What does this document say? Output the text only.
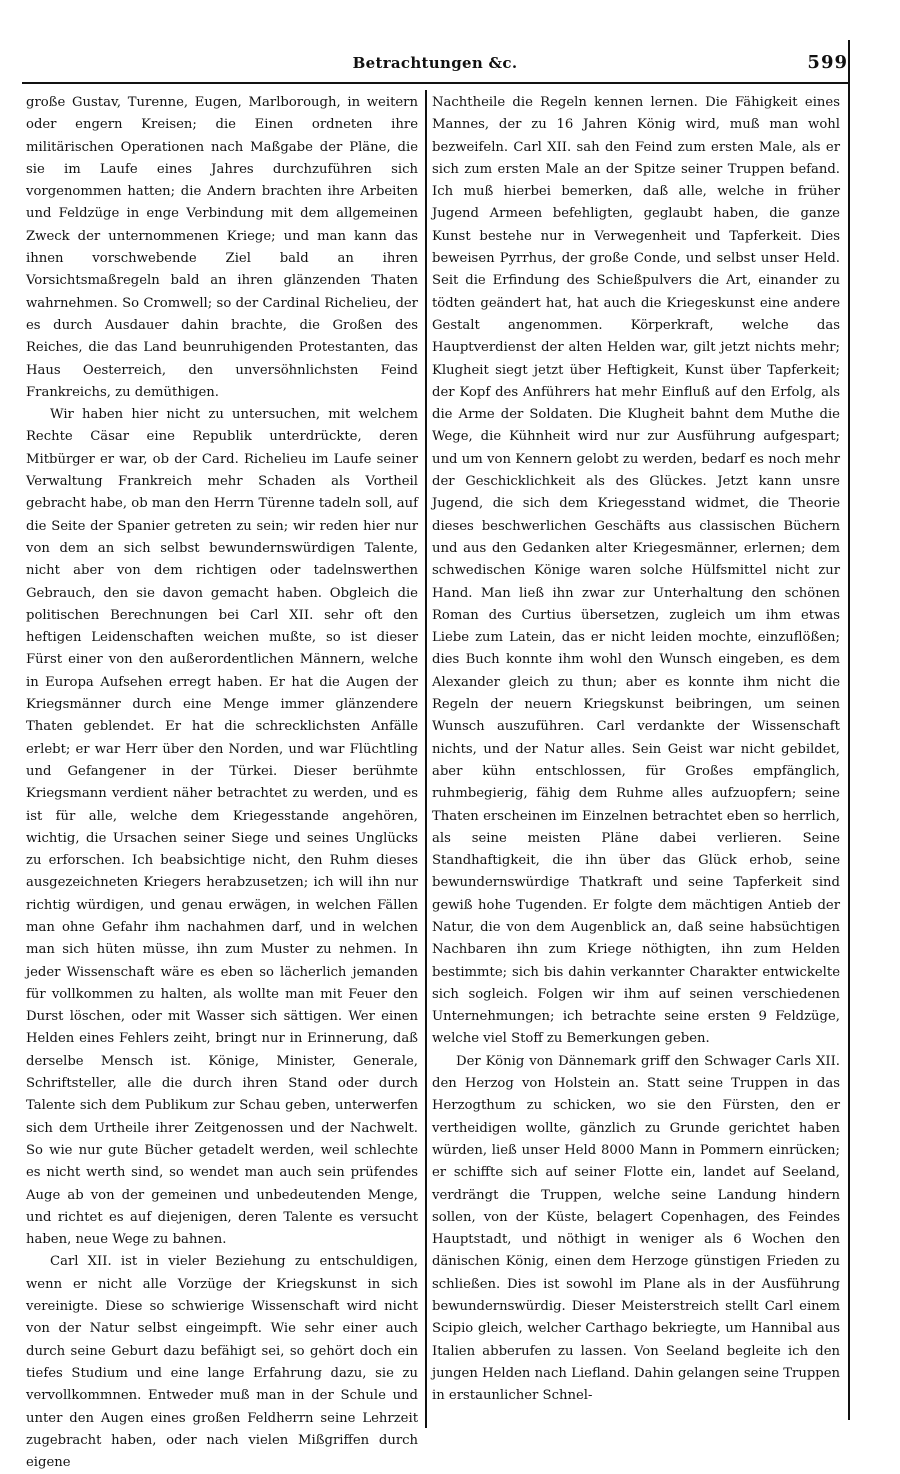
Betrachtungen &c.	599

große Gustav, Turenne, Eugen, Marlborough, in weitern oder engern Kreisen; die Einen ordneten ihre militärischen Operationen nach Maßgabe der Pläne, die sie im Laufe eines Jahres durchzuführen sich vorgenommen hatten; die Andern brachten ihre Arbeiten und Feldzüge in enge Verbindung mit dem allgemeinen Zweck der unternommenen Kriege; und man kann das ihnen vorschwebende Ziel bald an ihren Vorsichtsmaßregeln bald an ihren glänzenden Thaten wahrnehmen. So Cromwell; so der Cardinal Richelieu, der es durch Ausdauer dahin brachte, die Großen des Reiches, die das Land beunruhigenden Protestanten, das Haus Oesterreich, den unversöhnlichsten Feind Frankreichs, zu demüthigen.

Wir haben hier nicht zu untersuchen, mit welchem Rechte Cäsar eine Republik unterdrückte, deren Mitbürger er war, ob der Card. Richelieu im Laufe seiner Verwaltung Frankreich mehr Schaden als Vortheil gebracht habe, ob man den Herrn Türenne tadeln soll, auf die Seite der Spanier getreten zu sein; wir reden hier nur von dem an sich selbst bewundernswürdigen Talente, nicht aber von dem richtigen oder tadelnswerthen Gebrauch, den sie davon gemacht haben. Obgleich die politischen Berechnungen bei Carl XII. sehr oft den heftigen Leidenschaften weichen mußte, so ist dieser Fürst einer von den außerordentlichen Männern, welche in Europa Aufsehen erregt haben. Er hat die Augen der Kriegsmänner durch eine Menge immer glänzendere Thaten geblendet. Er hat die schrecklichsten Anfälle erlebt; er war Herr über den Norden, und war Flüchtling und Gefangener in der Türkei. Dieser berühmte Kriegsmann verdient näher betrachtet zu werden, und es ist für alle, welche dem Kriegesstande angehören, wichtig, die Ursachen seiner Siege und seines Unglücks zu erforschen. Ich beabsichtige nicht, den Ruhm dieses ausgezeichneten Kriegers herabzusetzen; ich will ihn nur richtig würdigen, und genau erwägen, in welchen Fällen man ohne Gefahr ihm nachahmen darf, und in welchen man sich hüten müsse, ihn zum Muster zu nehmen. In jeder Wissenschaft wäre es eben so lächerlich jemanden für vollkommen zu halten, als wollte man mit Feuer den Durst löschen, oder mit Wasser sich sättigen. Wer einen Helden eines Fehlers zeiht, bringt nur in Erinnerung, daß derselbe Mensch ist. Könige, Minister, Generale, Schriftsteller, alle die durch ihren Stand oder durch Talente sich dem Publikum zur Schau geben, unterwerfen sich dem Urtheile ihrer Zeitgenossen und der Nachwelt. So wie nur gute Bücher getadelt werden, weil schlechte es nicht werth sind, so wendet man auch sein prüfendes Auge ab von der gemeinen und unbedeutenden Menge, und richtet es auf diejenigen, deren Talente es versucht haben, neue Wege zu bahnen.

Carl XII. ist in vieler Beziehung zu entschuldigen, wenn er nicht alle Vorzüge der Kriegskunst in sich vereinigte. Diese so schwierige Wissenschaft wird nicht von der Natur selbst eingeimpft. Wie sehr einer auch durch seine Geburt dazu befähigt sei, so gehört doch ein tiefes Studium und eine lange Erfahrung dazu, sie zu vervollkommnen. Entweder muß man in der Schule und unter den Augen eines großen Feldherrn seine Lehrzeit zugebracht haben, oder nach vielen Mißgriffen durch eigene

Nachtheile die Regeln kennen lernen. Die Fähigkeit eines Mannes, der zu 16 Jahren König wird, muß man wohl bezweifeln. Carl XII. sah den Feind zum ersten Male, als er sich zum ersten Male an der Spitze seiner Truppen befand. Ich muß hierbei bemerken, daß alle, welche in früher Jugend Armeen befehligten, geglaubt haben, die ganze Kunst bestehe nur in Verwegenheit und Tapferkeit. Dies beweisen Pyrrhus, der große Conde, und selbst unser Held. Seit die Erfindung des Schießpulvers die Art, einander zu tödten geändert hat, hat auch die Kriegeskunst eine andere Gestalt angenommen. Körperkraft, welche das Hauptverdienst der alten Helden war, gilt jetzt nichts mehr; Klugheit siegt jetzt über Heftigkeit, Kunst über Tapferkeit; der Kopf des Anführers hat mehr Einfluß auf den Erfolg, als die Arme der Soldaten. Die Klugheit bahnt dem Muthe die Wege, die Kühnheit wird nur zur Ausführung aufgespart; und um von Kennern gelobt zu werden, bedarf es noch mehr der Geschicklichkeit als des Glückes. Jetzt kann unsre Jugend, die sich dem Kriegesstand widmet, die Theorie dieses beschwerlichen Geschäfts aus classischen Büchern und aus den Gedanken alter Kriegesmänner, erlernen; dem schwedischen Könige waren solche Hülfsmittel nicht zur Hand. Man ließ ihn zwar zur Unterhaltung den schönen Roman des Curtius übersetzen, zugleich um ihm etwas Liebe zum Latein, das er nicht leiden mochte, einzuflößen; dies Buch konnte ihm wohl den Wunsch eingeben, es dem Alexander gleich zu thun; aber es konnte ihm nicht die Regeln der neuern Kriegskunst beibringen, um seinen Wunsch auszuführen. Carl verdankte der Wissenschaft nichts, und der Natur alles. Sein Geist war nicht gebildet, aber kühn entschlossen, für Großes empfänglich, ruhmbegierig, fähig dem Ruhme alles aufzuopfern; seine Thaten erscheinen im Einzelnen betrachtet eben so herrlich, als seine meisten Pläne dabei verlieren. Seine Standhaftigkeit, die ihn über das Glück erhob, seine bewundernswürdige Thatkraft und seine Tapferkeit sind gewiß hohe Tugenden. Er folgte dem mächtigen Antieb der Natur, die von dem Augenblick an, daß seine habsüchtigen Nachbaren ihn zum Kriege nöthigten, ihn zum Helden bestimmte; sich bis dahin verkannter Charakter entwickelte sich sogleich. Folgen wir ihm auf seinen verschiedenen Unternehmungen; ich betrachte seine ersten 9 Feldzüge, welche viel Stoff zu Bemerkungen geben.

Der König von Dännemark griff den Schwager Carls XII. den Herzog von Holstein an. Statt seine Truppen in das Herzogthum zu schicken, wo sie den Fürsten, den er vertheidigen wollte, gänzlich zu Grunde gerichtet haben würden, ließ unser Held 8000 Mann in Pommern einrücken; er schiffte sich auf seiner Flotte ein, landet auf Seeland, verdrängt die Truppen, welche seine Landung hindern sollen, von der Küste, belagert Copenhagen, des Feindes Hauptstadt, und nöthigt in weniger als 6 Wochen den dänischen König, einen dem Herzoge günstigen Frieden zu schließen. Dies ist sowohl im Plane als in der Ausführung bewundernswürdig. Dieser Meisterstreich stellt Carl einem Scipio gleich, welcher Carthago bekriegte, um Hannibal aus Italien abberufen zu lassen. Von Seeland begleite ich den jungen Helden nach Liefland. Dahin gelangen seine Truppen in erstaunlicher Schnel-
